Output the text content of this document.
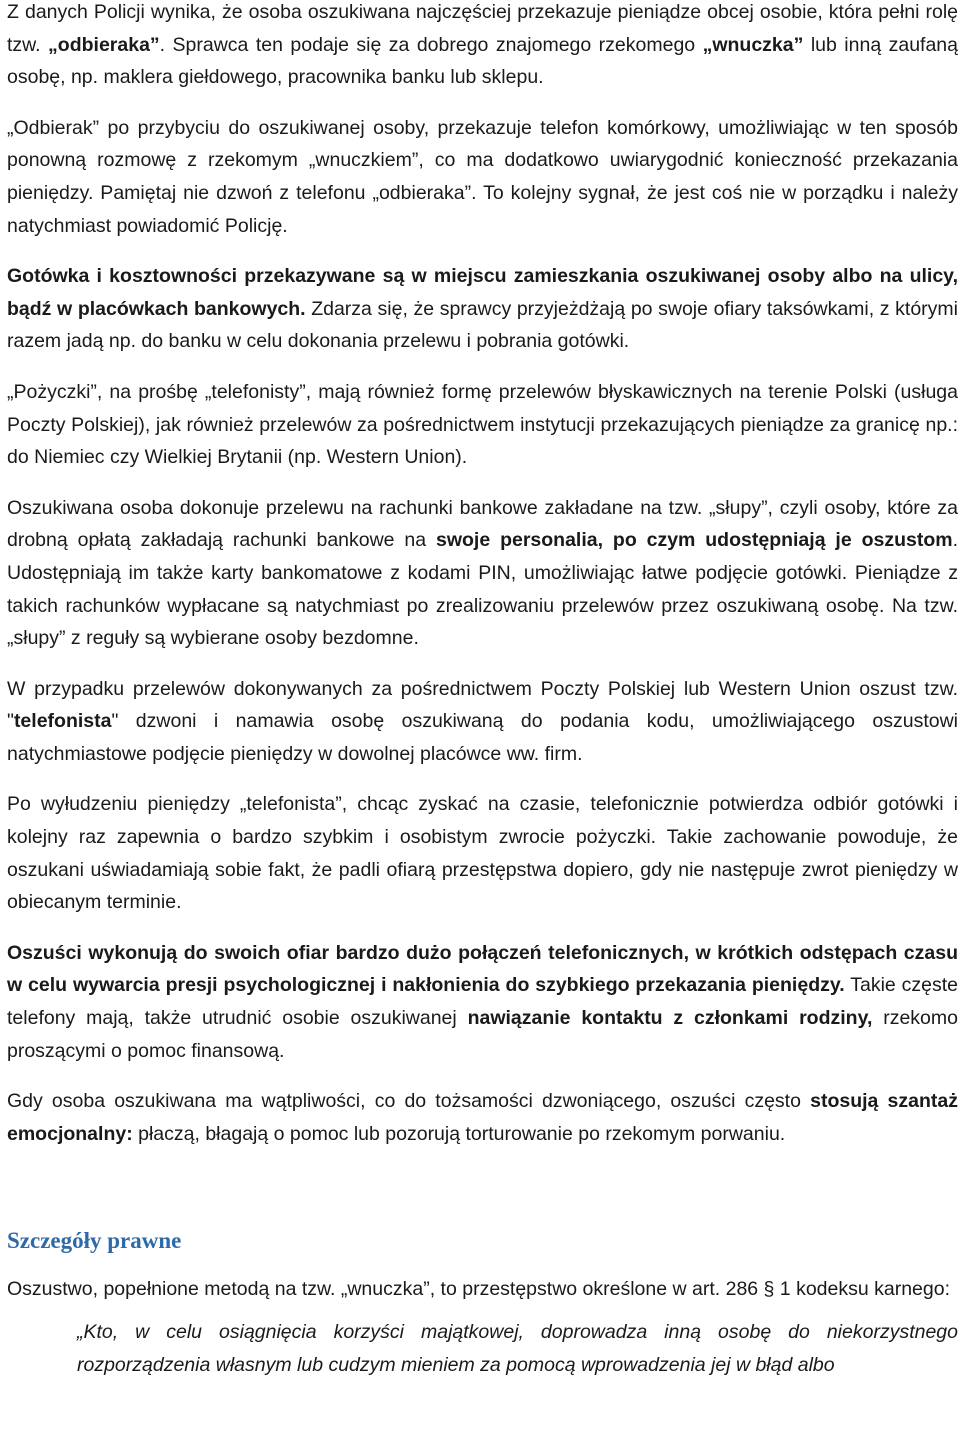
Z danych Policji wynika, że osoba oszukiwana najczęściej przekazuje pieniądze obcej osobie, która pełni rolę tzw. „odbieraka”. Sprawca ten podaje się za dobrego znajomego rzekomego „wnuczka” lub inną zaufaną osobę, np. maklera giełdowego, pracownika banku lub sklepu.

„Odbierak” po przybyciu do oszukiwanej osoby, przekazuje telefon komórkowy, umożliwiając w ten sposób ponowną rozmowę z rzekomym „wnuczkiem”, co ma dodatkowo uwiarygodnić konieczność przekazania pieniędzy. Pamiętaj nie dzwoń z telefonu „odbieraka”. To kolejny sygnał, że jest coś nie w porządku i należy natychmiast powiadomić Policję.

Gotówka i kosztowności przekazywane są w miejscu zamieszkania oszukiwanej osoby albo na ulicy, bądź w placówkach bankowych. Zdarza się, że sprawcy przyjeżdżają po swoje ofiary taksówkami, z którymi razem jadą np. do banku w celu dokonania przelewu i pobrania gotówki.

„Pożyczki”, na prośbę „telefonisty”, mają również formę przelewów błyskawicznych na terenie Polski (usługa Poczty Polskiej), jak również przelewów za pośrednictwem instytucji przekazujących pieniądze za granicę np.: do Niemiec czy Wielkiej Brytanii (np. Western Union).

Oszukiwana osoba dokonuje przelewu na rachunki bankowe zakładane na tzw. „słupy”, czyli osoby, które za drobną opłatą zakładają rachunki bankowe na swoje personalia, po czym udostępniają je oszustom. Udostępniają im także karty bankomatowe z kodami PIN, umożliwiając łatwe podjęcie gotówki. Pieniądze z takich rachunków wypłacane są natychmiast po zrealizowaniu przelewów przez oszukiwaną osobę. Na tzw. „słupy” z reguły są wybierane osoby bezdomne.

W przypadku przelewów dokonywanych za pośrednictwem Poczty Polskiej lub Western Union oszust tzw. "telefonista" dzwoni i namawia osobę oszukiwaną do podania kodu, umożliwiającego oszustowi natychmiastowe podjęcie pieniędzy w dowolnej placówce ww. firm.

Po wyłudzeniu pieniędzy „telefonista”, chcąc zyskać na czasie, telefonicznie potwierdza odbiór gotówki i kolejny raz zapewnia o bardzo szybkim i osobistym zwrocie pożyczki. Takie zachowanie powoduje, że oszukani uświadamiają sobie fakt, że padli ofiarą przestępstwa dopiero, gdy nie następuje zwrot pieniędzy w obiecanym terminie.

Oszuści wykonują do swoich ofiar bardzo dużo połączeń telefonicznych, w krótkich odstępach czasu w celu wywarcia presji psychologicznej i nakłonienia do szybkiego przekazania pieniędzy. Takie częste telefony mają, także utrudnić osobie oszukiwanej nawiązanie kontaktu z członkami rodziny, rzekomo proszącymi o pomoc finansową.

Gdy osoba oszukiwana ma wątpliwości, co do tożsamości dzwoniącego, oszuści często stosują szantaż emocjonalny: płaczą, błagają o pomoc lub pozorują torturowanie po rzekomym porwaniu.

Szczegóły prawne

Oszustwo, popełnione metodą na tzw. „wnuczka”, to przestępstwo określone w art. 286 § 1 kodeksu karnego:

„Kto, w celu osiągnięcia korzyści majątkowej, doprowadza inną osobę do niekorzystnego rozporządzenia własnym lub cudzym mieniem za pomocą wprowadzenia jej w błąd albo
